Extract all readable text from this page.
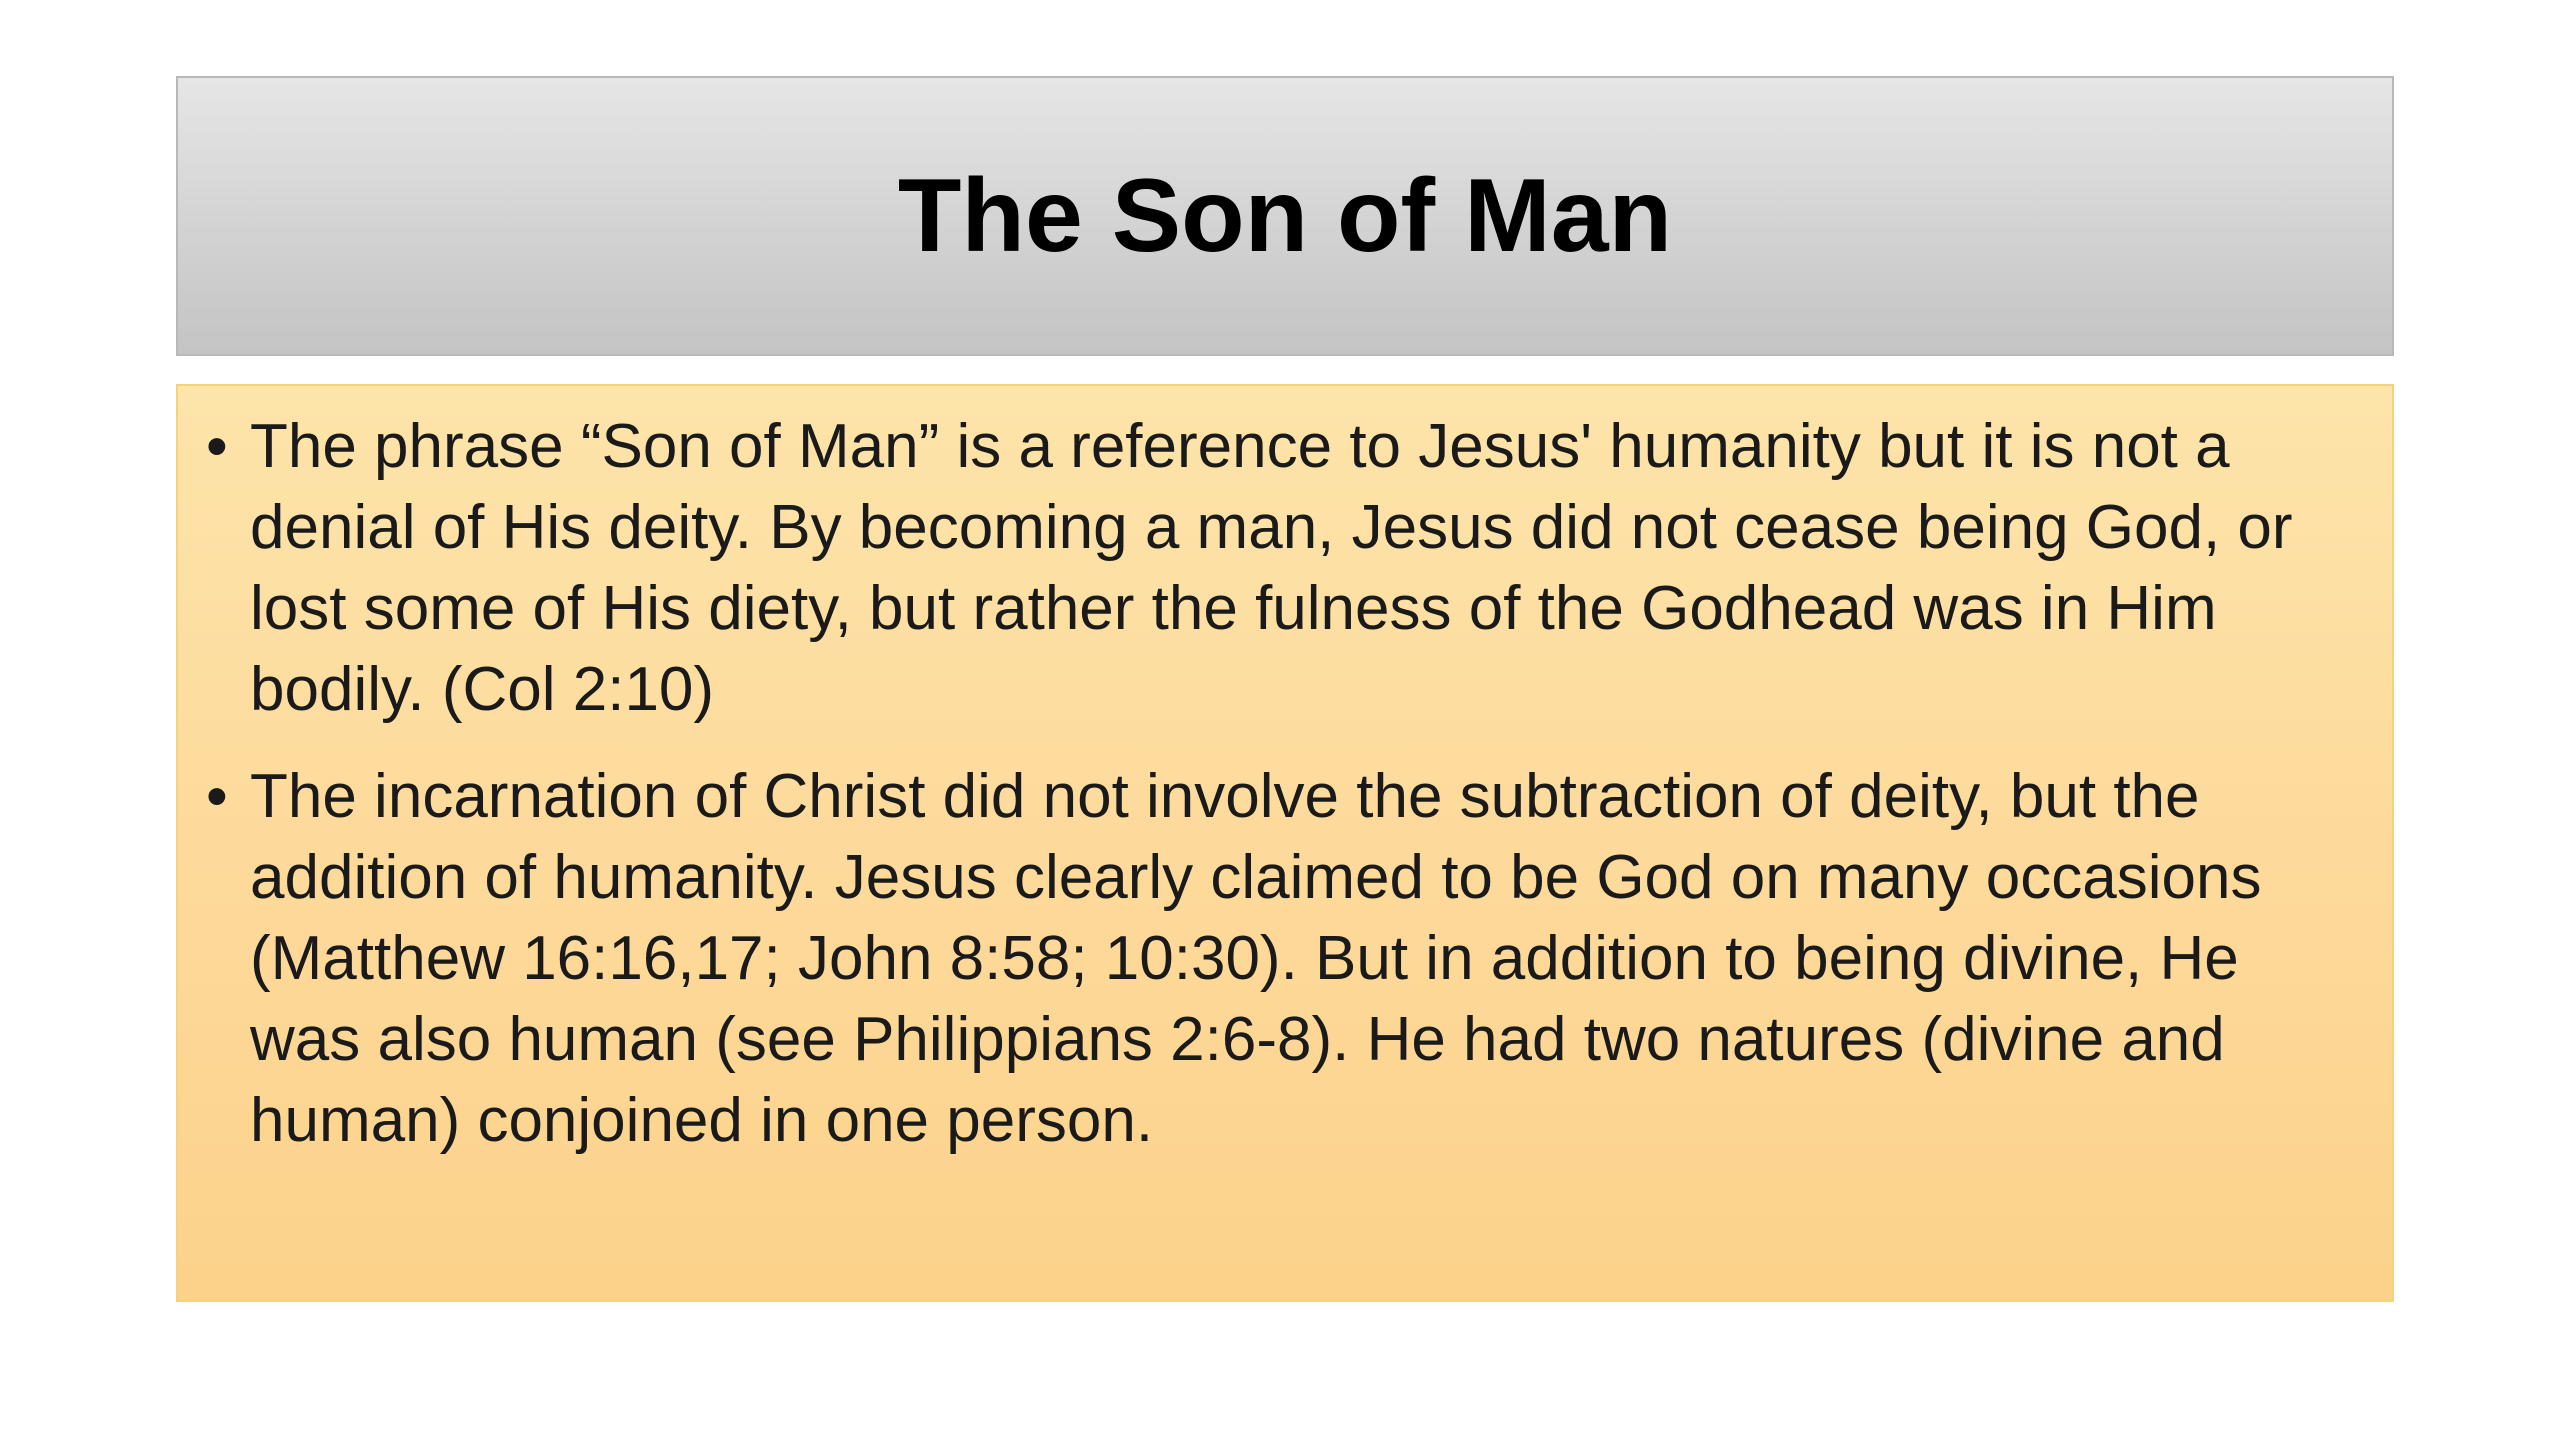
The Son of Man
• The phrase “Son of Man” is a reference to Jesus' humanity but it is not a denial of His deity. By becoming a man, Jesus did not cease being God, or lost some of His diety, but rather the fulness of the Godhead was in Him bodily. (Col 2:10)
• The incarnation of Christ did not involve the subtraction of deity, but the addition of humanity. Jesus clearly claimed to be God on many occasions (Matthew 16:16,17; John 8:58; 10:30). But in addition to being divine, He was also human (see Philippians 2:6-8). He had two natures (divine and human) conjoined in one person.
